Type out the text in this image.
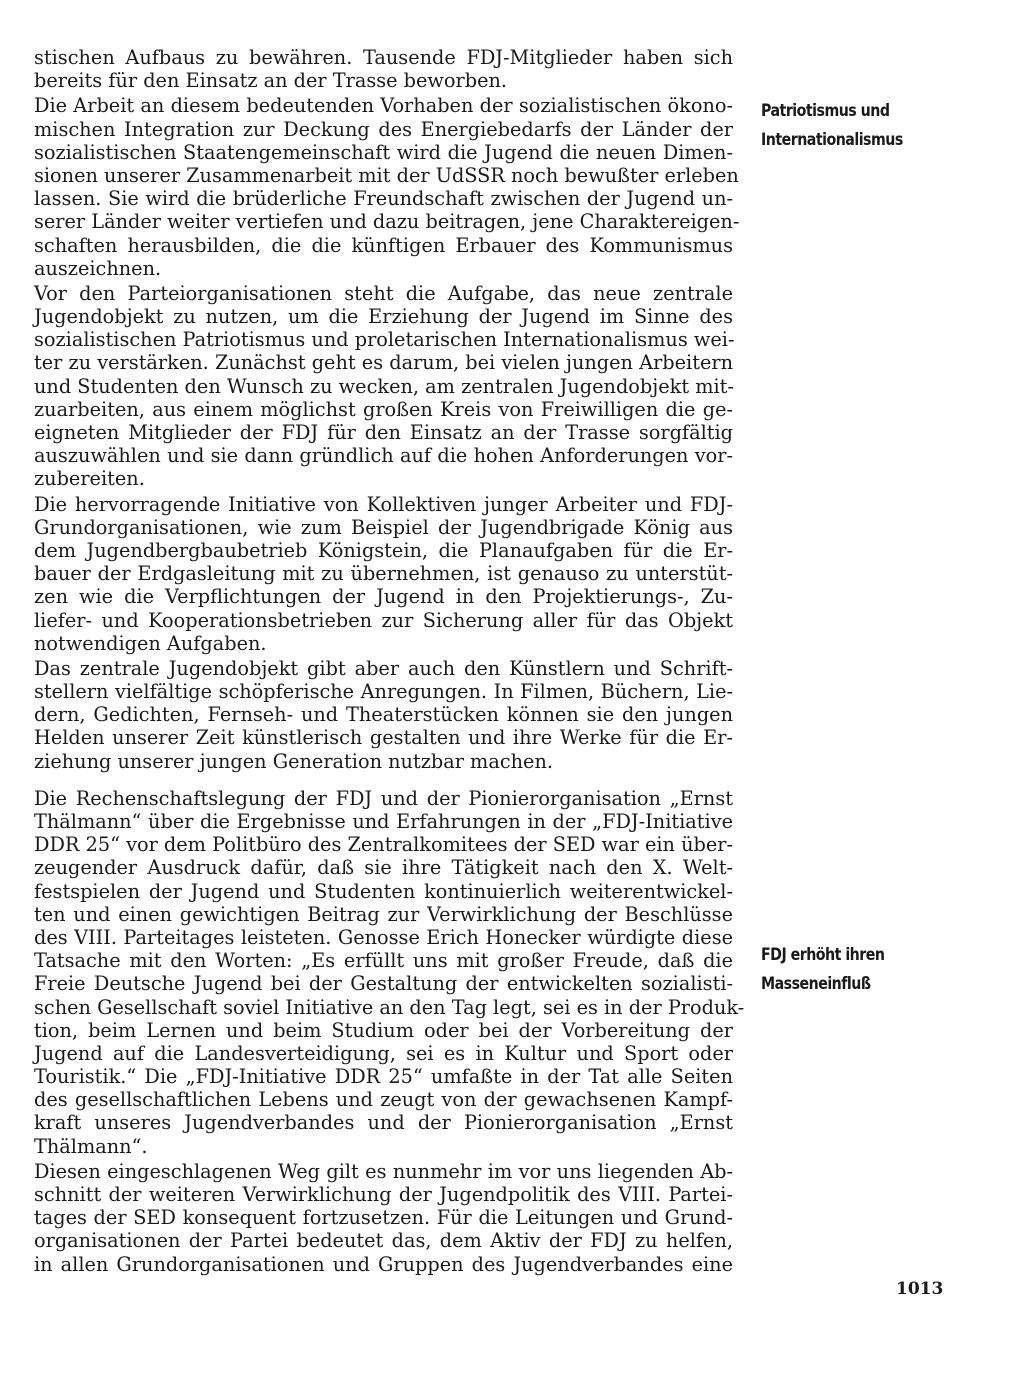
stischen Aufbaus zu bewähren. Tausende FDJ-Mitglieder haben sich
bereits für den Einsatz an der Trasse beworben.
Die Arbeit an diesem bedeutenden Vorhaben der sozialistischen ökono-
mischen Integration zur Deckung des Energiebedarfs der Länder der
sozialistischen Staatengemeinschaft wird die Jugend die neuen Dimen-
sionen unserer Zusammenarbeit mit der UdSSR noch bewußter erleben
lassen. Sie wird die brüderliche Freundschaft zwischen der Jugend un-
serer Länder weiter vertiefen und dazu beitragen, jene Charaktereigen-
schaften herausbilden, die die künftigen Erbauer des Kommunismus
auszeichnen.
Vor den Parteiorganisationen steht die Aufgabe, das neue zentrale
Jugendobjekt zu nutzen, um die Erziehung der Jugend im Sinne des
sozialistischen Patriotismus und proletarischen Internationalismus wei-
ter zu verstärken. Zunächst geht es darum, bei vielen jungen Arbeitern
und Studenten den Wunsch zu wecken, am zentralen Jugendobjekt mit-
zuarbeiten, aus einem möglichst großen Kreis von Freiwilligen die ge-
eigneten Mitglieder der FDJ für den Einsatz an der Trasse sorgfältig
auszuwählen und sie dann gründlich auf die hohen Anforderungen vor-
zubereiten.
Die hervorragende Initiative von Kollektiven junger Arbeiter und FDJ-
Grundorganisationen, wie zum Beispiel der Jugendbrigade König aus
dem Jugendbergbaubetrieb Königstein, die Planaufgaben für die Er-
bauer der Erdgasleitung mit zu übernehmen, ist genauso zu unterstüt-
zen wie die Verpflichtungen der Jugend in den Projektierungs-, Zu-
liefer- und Kooperationsbetrieben zur Sicherung aller für das Objekt
notwendigen Aufgaben.
Das zentrale Jugendobjekt gibt aber auch den Künstlern und Schrift-
stellern vielfältige schöpferische Anregungen. In Filmen, Büchern, Lie-
dern, Gedichten, Fernseh- und Theaterstücken können sie den jungen
Helden unserer Zeit künstlerisch gestalten und ihre Werke für die Er-
ziehung unserer jungen Generation nutzbar machen.
Die Rechenschaftslegung der FDJ und der Pionierorganisation „Ernst
Thälmann“ über die Ergebnisse und Erfahrungen in der „FDJ-Initiative
DDR 25“ vor dem Politbüro des Zentralkomitees der SED war ein über-
zeugender Ausdruck dafür, daß sie ihre Tätigkeit nach den X. Welt-
festspielen der Jugend und Studenten kontinuierlich weiterentwickel-
ten und einen gewichtigen Beitrag zur Verwirklichung der Beschlüsse
des VIII. Parteitages leisteten. Genosse Erich Honecker würdigte diese
Tatsache mit den Worten: „Es erfüllt uns mit großer Freude, daß die
Freie Deutsche Jugend bei der Gestaltung der entwickelten sozialisti-
schen Gesellschaft soviel Initiative an den Tag legt, sei es in der Produk-
tion, beim Lernen und beim Studium oder bei der Vorbereitung der
Jugend auf die Landesverteidigung, sei es in Kultur und Sport oder
Touristik.“ Die „FDJ-Initiative DDR 25“ umfaßte in der Tat alle Seiten
des gesellschaftlichen Lebens und zeugt von der gewachsenen Kampf-
kraft unseres Jugendverbandes und der Pionierorganisation „Ernst
Thälmann“.
Diesen eingeschlagenen Weg gilt es nunmehr im vor uns liegenden Ab-
schnitt der weiteren Verwirklichung der Jugendpolitik des VIII. Partei-
tages der SED konsequent fortzusetzen. Für die Leitungen und Grund-
organisationen der Partei bedeutet das, dem Aktiv der FDJ zu helfen,
in allen Grundorganisationen und Gruppen des Jugendverbandes eine
Patriotismus und
Internationalismus
FDJ erhöht ihren
Masseneinfluß
1013
